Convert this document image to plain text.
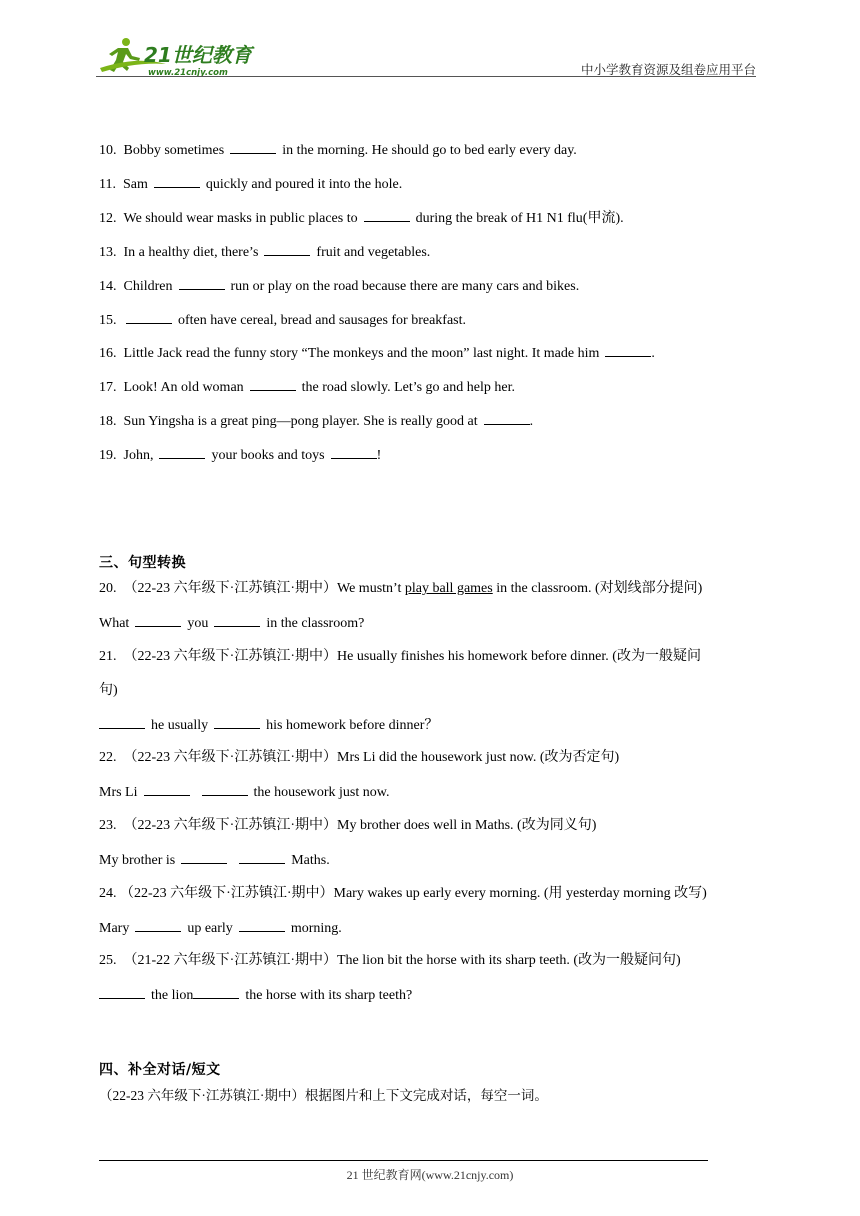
21世纪教育
www.21cnjy.com	中小学教育资源及组卷应用平台
10. Bobby sometimes	in the morning. He should go to bed early every day.
11. Sam	quickly and poured it into the hole.
12. We should wear masks in public places to	during the break of H1 N1 flu(甲流).
13. In a healthy diet, there’s	fruit and vegetables.
14. Children	run or play on the road because there are many cars and bikes.
15.	often have cereal, bread and sausages for breakfast.
16. Little Jack read the funny story “The monkeys and the moon” last night. It made him	.
17. Look! An old woman	the road slowly. Let’s go and help her.
18. Sun Yingsha is a great ping—pong player. She is really good at	.
19. John,	your books and toys	!
三、句型转换
20. （22-23 六年级下·江苏镇江·期中）We mustn’t play ball games in the classroom. (对划线部分提问)
What	you	in the classroom?
21. （22-23 六年级下·江苏镇江·期中）He usually finishes his homework before dinner. (改为一般疑问
句)
he usually	his homework before dinner？
22. （22-23 六年级下·江苏镇江·期中）Mrs Li did the housework just now. (改为否定句)
Mrs Li	the housework just now.
23. （22-23 六年级下·江苏镇江·期中）My brother does well in Maths. (改为同义句)
My brother is	Maths.
24. （22-23 六年级下·江苏镇江·期中）Mary wakes up early every morning. (用 yesterday morning 改写)
Mary	up early	morning.
25. （21-22 六年级下·江苏镇江·期中）The lion bit the horse with its sharp teeth. (改为一般疑问句)
the lion	the horse with its sharp teeth?
四、补全对话/短文
（22-23 六年级下·江苏镇江·期中）根据图片和上下文完成对话，每空一词。
21 世纪教育网(www.21cnjy.com)
